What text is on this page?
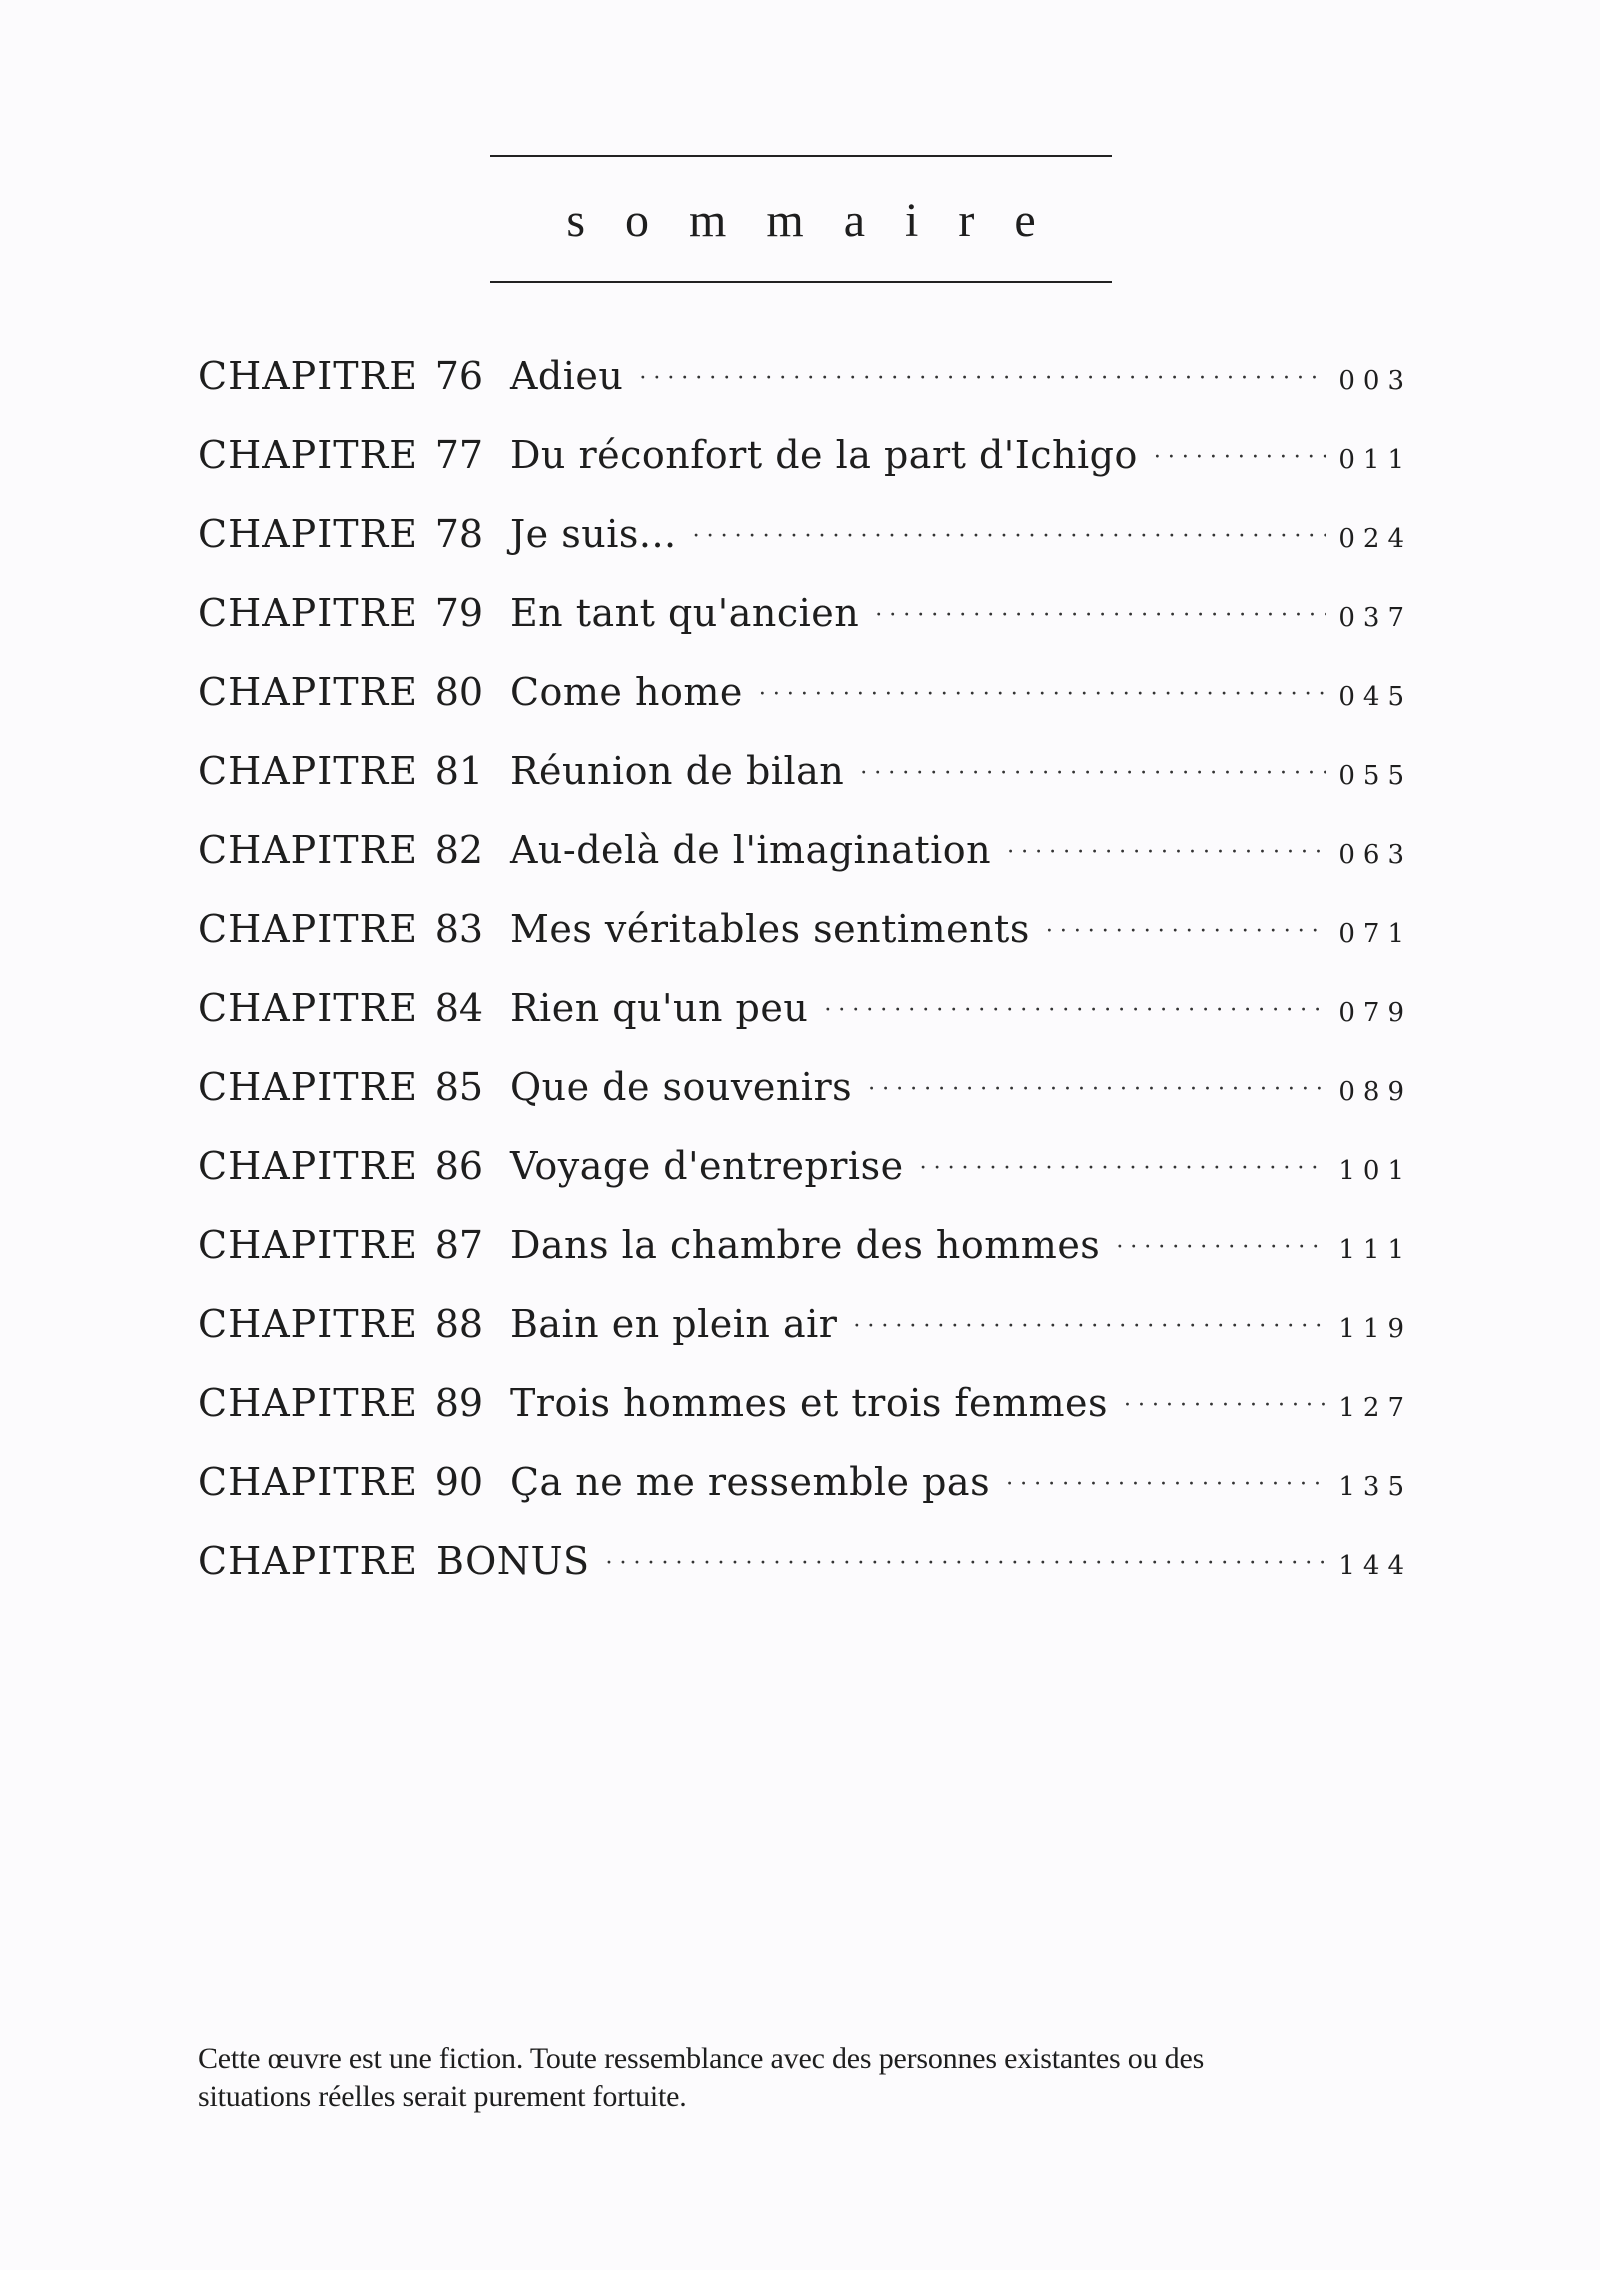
sommaire
CHAPITRE 76 Adieu ·····	003
CHAPITRE 77 Du réconfort de la part d'Ichigo ·····	011
CHAPITRE 78 Je suis... ·····	024
CHAPITRE 79 En tant qu'ancien ·····	037
CHAPITRE 80 Come home ·····	045
CHAPITRE 81 Réunion de bilan ·····	055
CHAPITRE 82 Au-delà de l'imagination ·····	063
CHAPITRE 83 Mes véritables sentiments ·····	071
CHAPITRE 84 Rien qu'un peu ·····	079
CHAPITRE 85 Que de souvenirs ·····	089
CHAPITRE 86 Voyage d'entreprise ·····	101
CHAPITRE 87 Dans la chambre des hommes ·····	111
CHAPITRE 88 Bain en plein air ·····	119
CHAPITRE 89 Trois hommes et trois femmes ·····	127
CHAPITRE 90 Ça ne me ressemble pas ·····	135
CHAPITRE BONUS ·····	144

Cette œuvre est une fiction. Toute ressemblance avec des personnes existantes ou des
situations réelles serait purement fortuite.
